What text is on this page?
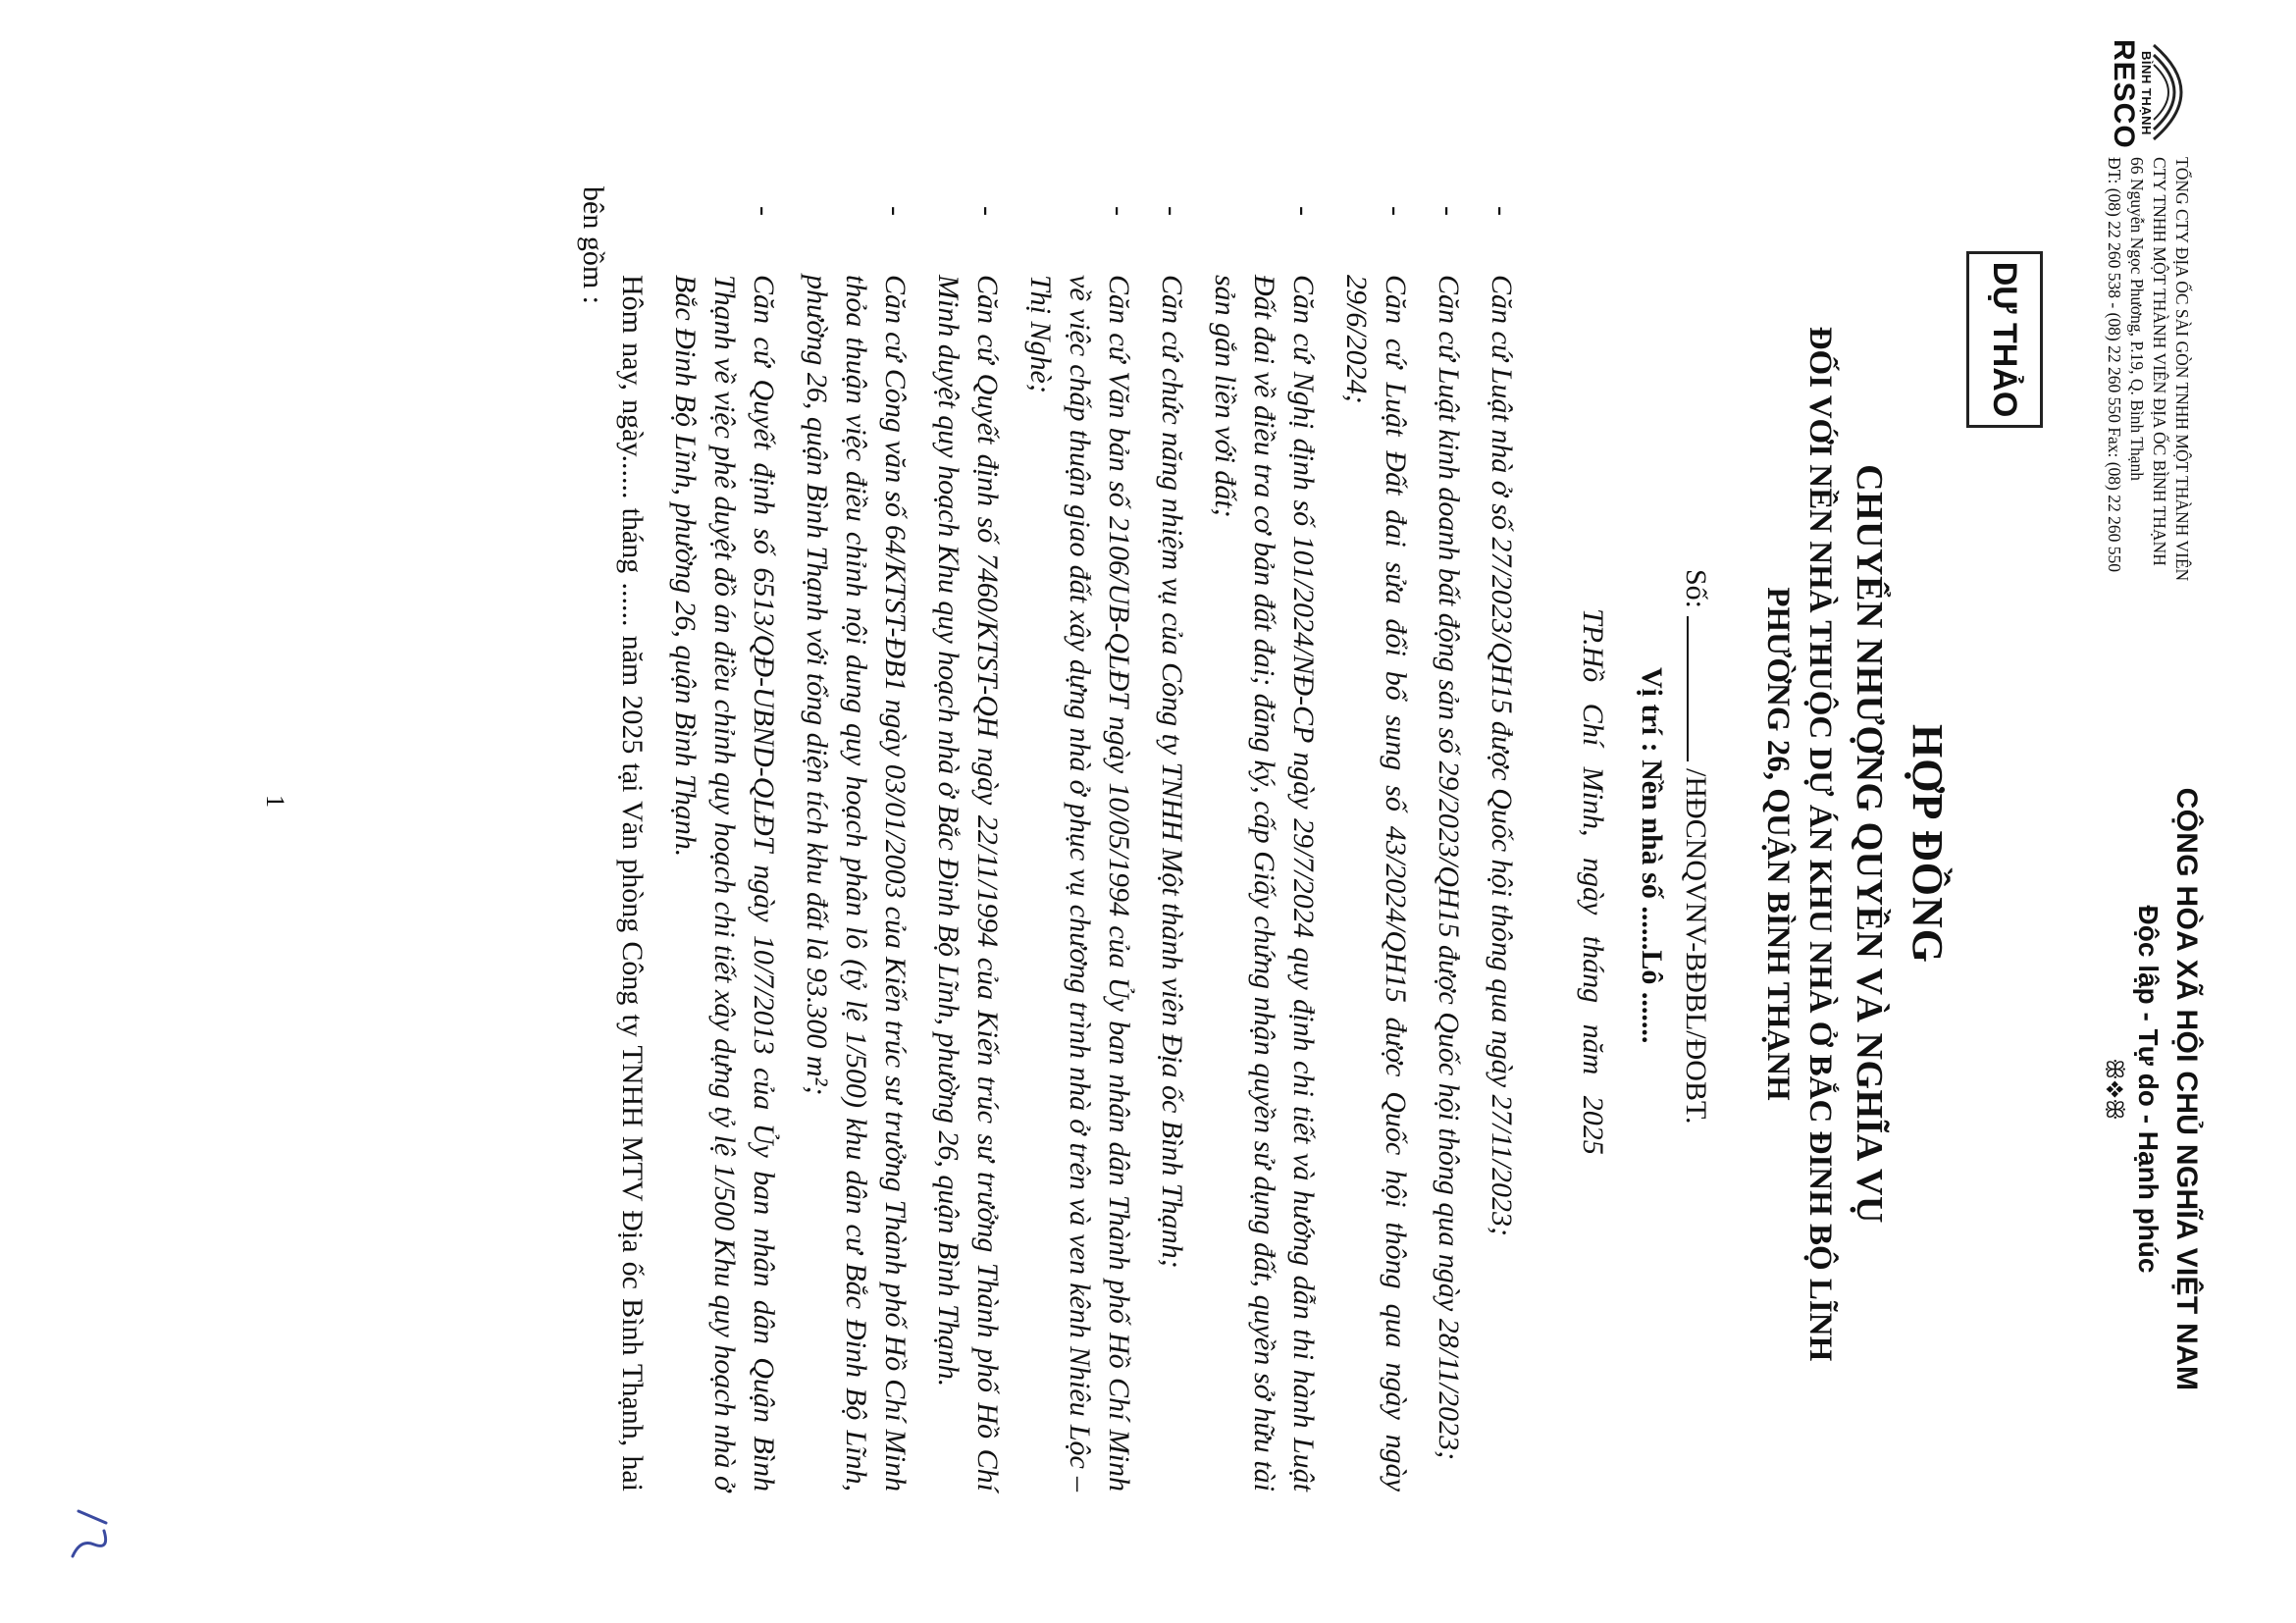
BÌNH THẠNH
RESCO
TỔNG CTY ĐỊA ỐC SÀI GÒN TNHH MỘT THÀNH VIÊN
CTY TNHH MỘT THÀNH VIÊN ĐỊA ỐC BÌNH THẠNH
66 Nguyễn Ngọc Phương, P.19, Q. Bình Thạnh
ĐT: (08) 22 260 538 - (08) 22 260 550 Fax: (08) 22 260 550
CỘNG HÒA XÃ HỘI CHỦ NGHĨA VIỆT NAM
Độc lập - Tự do - Hạnh phúc
ꕥ❖ꕥ
DỰ THẢO
HỢP ĐỒNG
CHUYỂN NHƯỢNG QUYỀN VÀ NGHĨA VỤ
ĐỐI VỚI NỀN NHÀ THUỘC DỰ ÁN KHU NHÀ Ở BẮC ĐINH BỘ LĨNH
PHƯỜNG 26, QUẬN BÌNH THẠNH
Số:  /HĐCNQVNV-BĐBL/ĐOBT.
Vị trí : Nền nhà số ......Lô .......
TP.Hồ Chí Minh, ngày tháng năm 2025
-
Căn cứ Luật nhà ở số 27/2023/QH15 được Quốc hội thông qua ngày 27/11/2023;
-
Căn cứ Luật kinh doanh bất động sản số 29/2023/QH15 được Quốc hội thông qua ngày 28/11/2023;
-
Căn cứ Luật Đất đai sửa đổi bổ sung số 43/2024/QH15 được Quốc hội thông qua ngày ngày 29/6/2024;
-
Căn cứ Nghị định số 101/2024/NĐ-CP ngày 29/7/2024 quy định chi tiết và hướng dẫn thi hành Luật Đất đai về điều tra cơ bản đất đai; đăng ký, cấp Giấy chứng nhận quyền sử dụng đất, quyền sở hữu tài sản gắn liền với đất;
-
Căn cứ chức năng nhiệm vụ của Công ty TNHH Một thành viên Địa ốc Bình Thạnh;
-
Căn cứ Văn bản số 2106/UB-QLĐT ngày 10/05/1994 của Ủy ban nhân dân Thành phố Hồ Chí Minh về việc chấp thuận giao đất xây dựng nhà ở phục vụ chương trình nhà ở trên và ven kênh Nhiêu Lộc – Thị Nghè;
-
Căn cứ Quyết định số 7460/KTST-QH ngày 22/11/1994 của Kiến trúc sư trưởng Thành phố Hồ Chí Minh duyệt quy hoạch Khu quy hoạch nhà ở Bắc Đinh Bộ Lĩnh, phường 26, quận Bình Thạnh.
-
Căn cứ Công văn số 64/KTST-ĐB1 ngày 03/01/2003 của Kiến trúc sư trưởng Thành phố Hồ Chí Minh thỏa thuận việc điều chỉnh nội dung quy hoạch phân lô (tỷ lệ 1/500) khu dân cư Bắc Đinh Bộ Lĩnh, phường 26, quận Bình Thạnh với tổng diện tích khu đất là 93.300 m²;
-
Căn cứ Quyết định số 6513/QĐ-UBND-QLĐT ngày 10/7/2013 của Ủy ban nhân dân Quận Bình Thạnh về việc phê duyệt đồ án điều chỉnh quy hoạch chi tiết xây dựng tỷ lệ 1/500 Khu quy hoạch nhà ở Bắc Đinh Bộ Lĩnh, phường 26, quận Bình Thạnh.
Hôm nay, ngày...... tháng ...... năm 2025 tại Văn phòng Công ty TNHH MTV Địa ốc Bình Thạnh, hai bên gồm :
1
